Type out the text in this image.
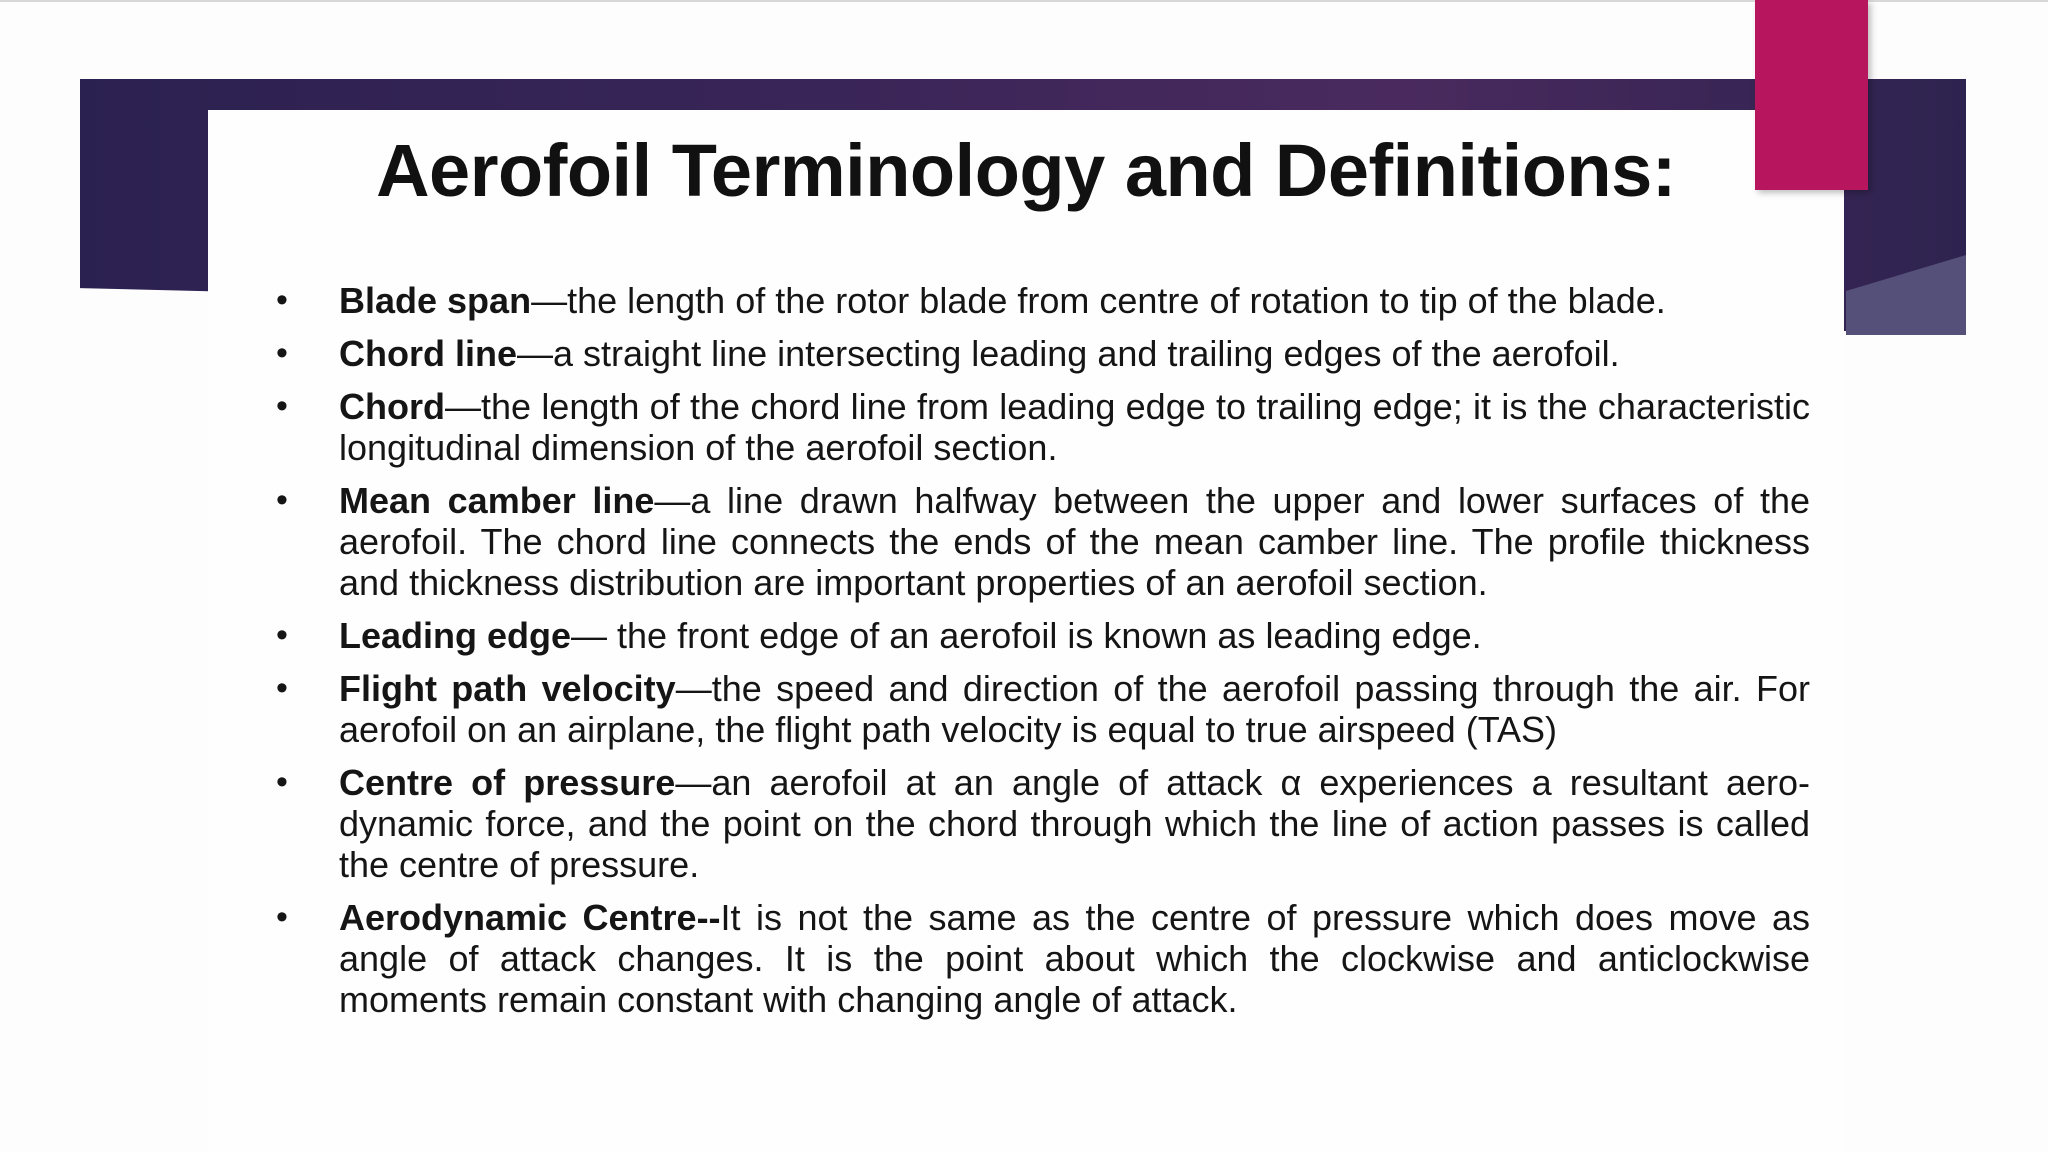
Aerofoil Terminology and Definitions:
• Blade span—the length of the rotor blade from centre of rotation to tip of the blade.
• Chord line—a straight line intersecting leading and trailing edges of the aerofoil.
• Chord—the length of the chord line from leading edge to trailing edge; it is the characteristic longitudinal dimension of the aerofoil section.
• Mean camber line—a line drawn halfway between the upper and lower surfaces of the aerofoil. The chord line connects the ends of the mean camber line. The profile thickness and thickness distribution are important properties of an aerofoil section.
• Leading edge— the front edge of an aerofoil is known as leading edge.
• Flight path velocity—the speed and direction of the aerofoil passing through the air. For aerofoil on an airplane, the flight path velocity is equal to true airspeed (TAS)
• Centre of pressure—an aerofoil at an angle of attack α experiences a resultant aero-dynamic force, and the point on the chord through which the line of action passes is called the centre of pressure.
• Aerodynamic Centre--It is not the same as the centre of pressure which does move as angle of attack changes. It is the point about which the clockwise and anticlockwise moments remain constant with changing angle of attack.
